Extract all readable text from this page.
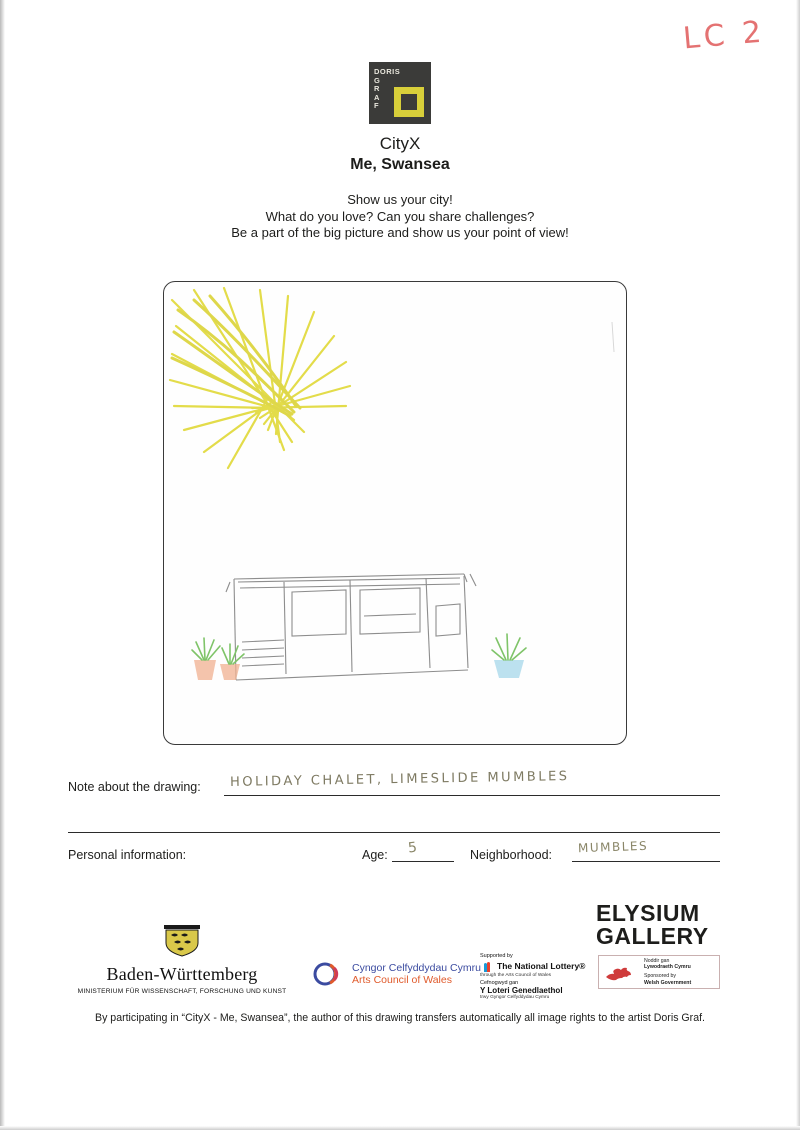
LC 2
DORIS
G
R
A
F
CityX
Me, Swansea
Show us your city!
What do you love? Can you share challenges?
Be a part of the big picture and show us your point of view!
Note about the drawing: HOLIDAY CHALET, LIMESLIDE MUMBLES
Personal information:	Age: 5	Neighborhood: MUMBLES
Baden-Württemberg
MINISTERIUM FÜR WISSENSCHAFT, FORSCHUNG UND KUNST
Cyngor Celfyddydau Cymru
Arts Council of Wales
Supported by
The National Lottery®
through the Arts Council of Wales
Cefnogwyd gan
Y Loteri Genedlaethol
trwy Gyngor Celfyddydau Cymru
Noddir gan
Lywodraeth Cymru
Sponsored by
Welsh Government
ELYSIUM
GALLERY
By participating in “CityX - Me, Swansea”, the author of this drawing transfers automatically all image rights to the artist Doris Graf.
